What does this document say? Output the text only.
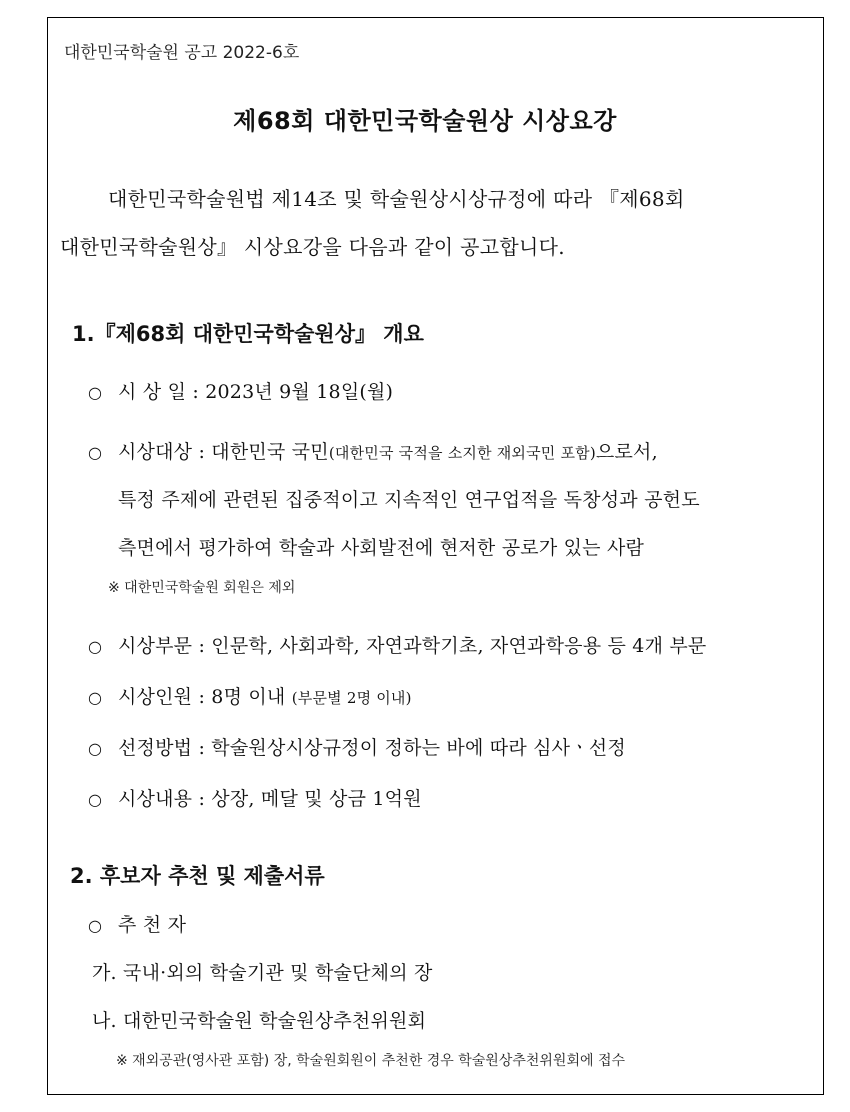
대한민국학술원 공고 2022-6호
제68회 대한민국학술원상 시상요강
대한민국학술원법 제14조 및 학술원상시상규정에 따라 『제68회
대한민국학술원상』 시상요강을 다음과 같이 공고합니다.
1.『제68회 대한민국학술원상』 개요
○ 시 상 일 : 2023년 9월 18일(월)
○ 시상대상 : 대한민국 국민(대한민국 국적을 소지한 재외국민 포함)으로서,
특정 주제에 관련된 집중적이고 지속적인 연구업적을 독창성과 공헌도
측면에서 평가하여 학술과 사회발전에 현저한 공로가 있는 사람
※ 대한민국학술원 회원은 제외
○ 시상부문 : 인문학, 사회과학, 자연과학기초, 자연과학응용 등 4개 부문
○ 시상인원 : 8명 이내 (부문별 2명 이내)
○ 선정방법 : 학술원상시상규정이 정하는 바에 따라 심사ㆍ선정
○ 시상내용 : 상장, 메달 및 상금 1억원
2. 후보자 추천 및 제출서류
○ 추 천 자
가. 국내·외의 학술기관 및 학술단체의 장
나. 대한민국학술원 학술원상추천위원회
※ 재외공관(영사관 포함) 장, 학술원회원이 추천한 경우 학술원상추천위원회에 접수
